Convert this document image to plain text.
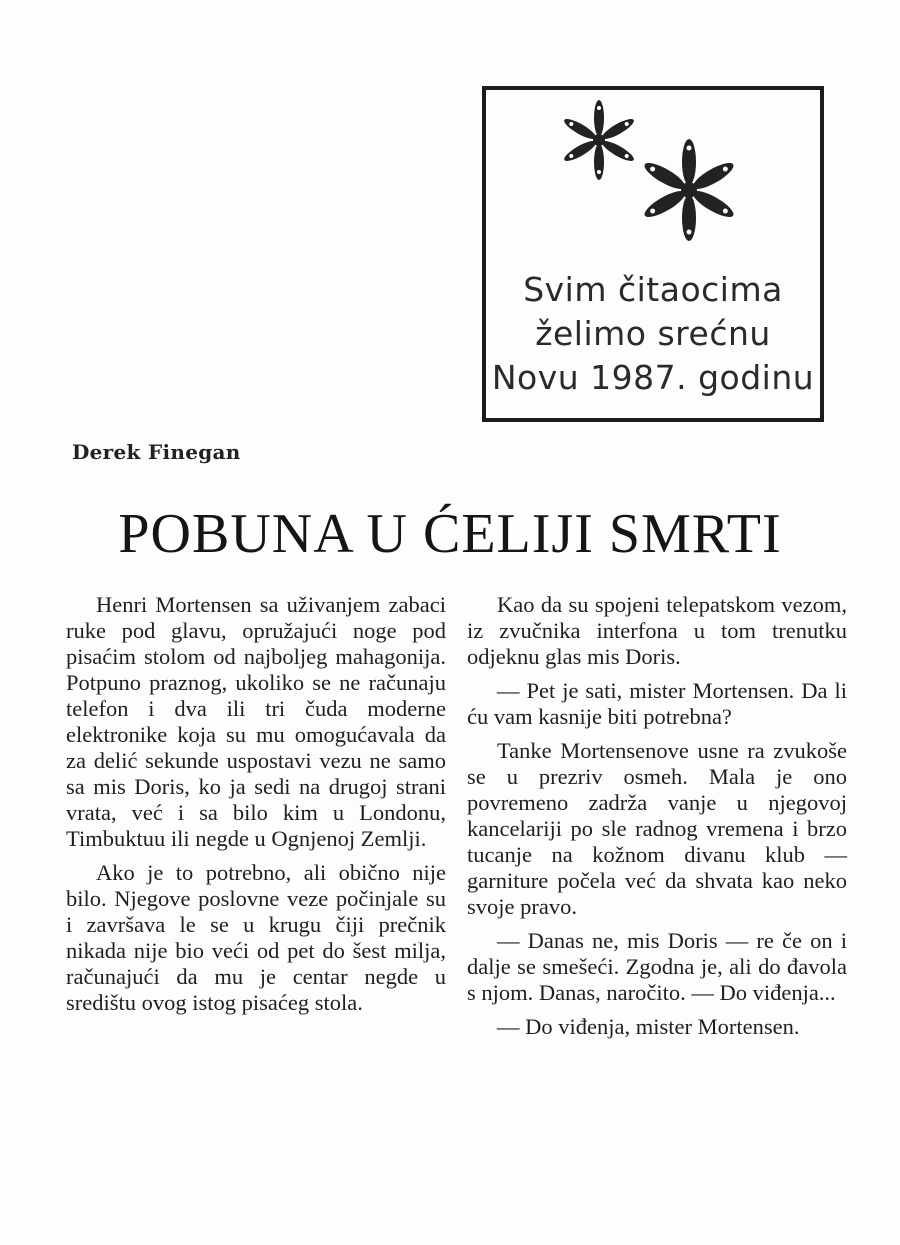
Svim čitaocima
želimo srećnu
Novu 1987. godinu
Derek Finegan
POBUNA U ĆELIJI SMRTI

Henri Mortensen sa uživanjem zabaci ruke pod glavu, opružajući noge pod pisaćim stolom od najboljeg mahagonija. Potpuno praznog, ukoliko se ne računaju telefon i dva ili tri čuda moderne elektronike koja su mu omogućavala da za delić sekunde uspostavi vezu ne samo sa mis Doris, ko ja sedi na drugoj strani vrata, već i sa bilo kim u Londonu, Timbuktuu ili negde u Ognjenoj Zemlji.

Ako je to potrebno, ali obično nije bilo. Njegove poslovne veze počinjale su i završava le se u krugu čiji prečnik nikada nije bio veći od pet do šest milja, računajući da mu je centar negde u središtu ovog istog pisaćeg stola.

Kao da su spojeni telepatskom vezom, iz zvučnika interfona u tom trenutku odjeknu glas mis Doris.

— Pet je sati, mister Mortensen. Da li ću vam kasnije biti potrebna?

Tanke Mortensenove usne ra zvukoše se u prezriv osmeh. Mala je ono povremeno zadrža vanje u njegovoj kancelariji po sle radnog vremena i brzo tucanje na kožnom divanu klub — garniture počela već da shvata kao neko svoje pravo.

— Danas ne, mis Doris — re če on i dalje se smešeći. Zgodna je, ali do đavola s njom. Danas, naročito. — Do viđenja...

— Do viđenja, mister Mortensen.
